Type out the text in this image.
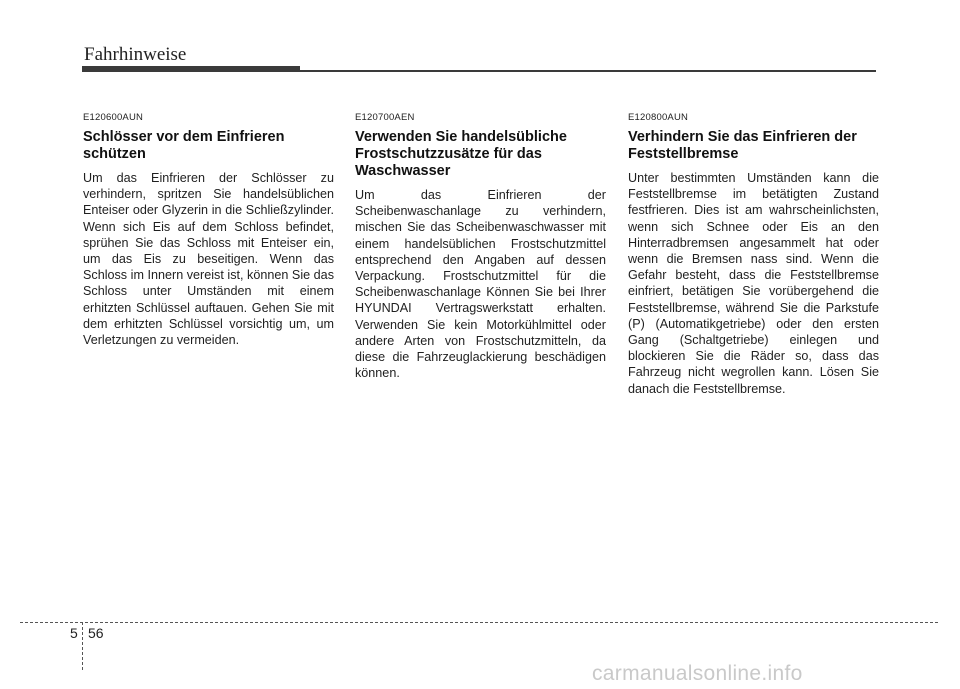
Fahrhinweise
E120600AUN
Schlösser vor dem Einfrieren schützen

Um das Einfrieren der Schlösser zu verhindern, spritzen Sie handelsüblichen Enteiser oder Glyzerin in die Schließzylinder. Wenn sich Eis auf dem Schloss befindet, sprühen Sie das Schloss mit Enteiser ein, um das Eis zu beseitigen. Wenn das Schloss im Innern vereist ist, können Sie das Schloss unter Umständen mit einem erhitzten Schlüssel auftauen. Gehen Sie mit dem erhitzten Schlüssel vorsichtig um, um Verletzungen zu vermeiden.

E120700AEN
Verwenden Sie handelsübliche Frostschutzzusätze für das Waschwasser

Um das Einfrieren der Scheibenwaschanlage zu verhindern, mischen Sie das Scheibenwaschwasser mit einem handelsüblichen Frostschutzmittel entsprechend den Angaben auf dessen Verpackung. Frostschutzmittel für die Scheibenwaschanlage Können Sie bei Ihrer HYUNDAI Vertragswerkstatt erhalten. Verwenden Sie kein Motorkühlmittel oder andere Arten von Frostschutzmitteln, da diese die Fahrzeuglackierung beschädigen können.

E120800AUN
Verhindern Sie das Einfrieren der Feststellbremse

Unter bestimmten Umständen kann die Feststellbremse im betätigten Zustand festfrieren. Dies ist am wahrscheinlichsten, wenn sich Schnee oder Eis an den Hinterradbremsen angesammelt hat oder wenn die Bremsen nass sind. Wenn die Gefahr besteht, dass die Feststellbremse einfriert, betätigen Sie vorübergehend die Feststellbremse, während Sie die Parkstufe (P) (Automatikgetriebe) oder den ersten Gang (Schaltgetriebe) einlegen und blockieren Sie die Räder so, dass das Fahrzeug nicht wegrollen kann. Lösen Sie danach die Feststellbremse.

5 56
carmanualsonline.info
